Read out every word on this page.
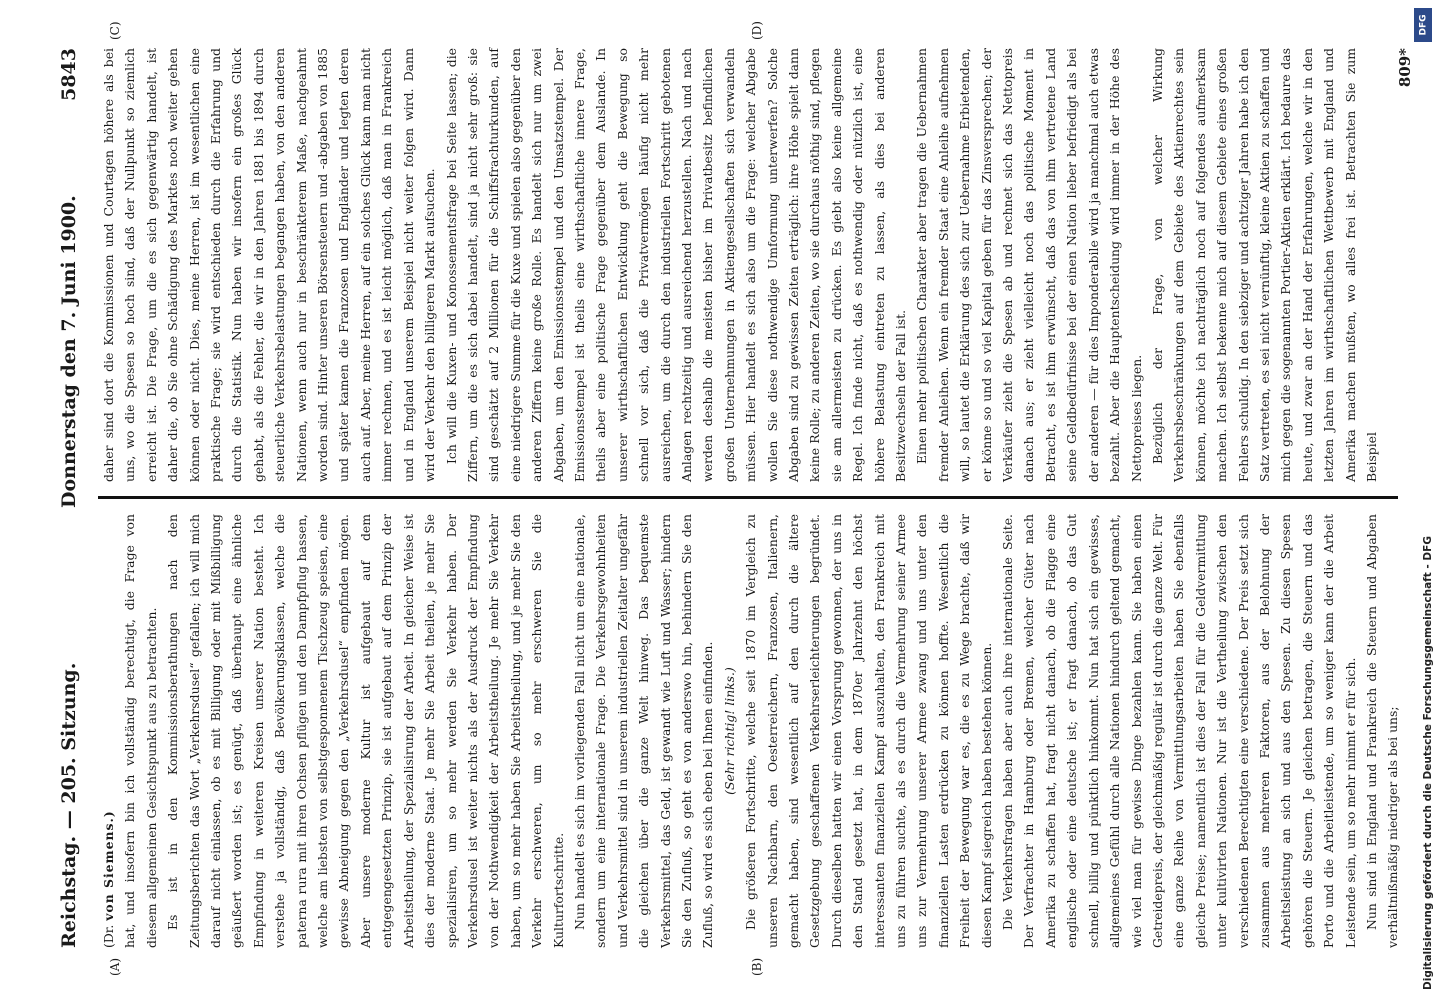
Reichstag. — 205. Sitzung.
Donnerstag den 7. Juni 1900.
5843
(A)	(B)
(C)	(D)

(Dr. von Siemens.) hat, und insofern bin ich vollständig berechtigt, die Frage von diesem allgemeinen Gesichtspunkt aus zu betrachten. Es ist in den Kommissionsberathungen nach den Zeitungsberichten das Wort „Verkehrsdusel“ gefallen; ich will mich darauf nicht einlassen, ob es mit Billigung oder mit Mißbilligung geäußert worden ist; es genügt, daß überhaupt eine ähnliche Empfindung in weiteren Kreisen unserer Nation besteht. Ich verstehe ja vollständig, daß Bevölkerungsklassen, welche die paterna rura mit ihren Ochsen pflügen und den Dampfpflug hassen, welche am liebsten von selbstgesponnenem Tischzeug speisen, eine gewisse Abneigung gegen den „Verkehrsdusel“ empfinden mögen. Aber unsere moderne Kultur ist aufgebaut auf dem entgegengesetzten Prinzip, sie ist aufgebaut auf dem Prinzip der Arbeitstheilung, der Spezialisirung der Arbeit. In gleicher Weise ist dies der moderne Staat. Je mehr Sie Arbeit theilen, je mehr Sie spezialisiren, um so mehr werden Sie Verkehr haben. Der Verkehrsdusel ist weiter nichts als der Ausdruck der Empfindung von der Nothwendigkeit der Arbeitstheilung. Je mehr Sie Verkehr haben, um so mehr haben Sie Arbeitstheilung, und je mehr Sie den Verkehr erschweren, um so mehr erschweren Sie die Kulturfortschritte. Nun handelt es sich im vorliegenden Fall nicht um eine nationale, sondern um eine internationale Frage. Die Verkehrsgewohnheiten und Verkehrsmittel sind in unserem industriellen Zeitalter ungefähr die gleichen über die ganze Welt hinweg. Das bequemste Verkehrsmittel, das Geld, ist gewandt wie Luft und Wasser; hindern Sie den Zufluß, so geht es von anderswo hin, behindern Sie den Zufluß, so wird es sich eben bei Ihnen einfinden. (Sehr richtig! links.) Die größeren Fortschritte, welche seit 1870 im Vergleich zu unseren Nachbarn, den Oesterreichern, Franzosen, Italienern, gemacht haben, sind wesentlich auf den durch die ältere Gesetzgebung geschaffenen Verkehrserleichterungen begründet. Durch dieselben hatten wir einen Vorsprung gewonnen, der uns in den Stand gesetzt hat, in dem 1870er Jahrzehnt den höchst interessanten finanziellen Kampf auszuhalten, den Frankreich mit uns zu führen suchte, als es durch die Vermehrung seiner Armee uns zur Vermehrung unserer Armee zwang und uns unter den finanziellen Lasten erdrücken zu können hoffte. Wesentlich die Freiheit der Bewegung war es, die es zu Wege brachte, daß wir diesen Kampf siegreich haben bestehen können. Die Verkehrsfragen haben aber auch ihre internationale Seite. Der Verfrachter in Hamburg oder Bremen, welcher Güter nach Amerika zu schaffen hat, fragt nicht danach, ob die Flagge eine englische oder eine deutsche ist; er fragt danach, ob das Gut schnell, billig und pünktlich hinkommt. Nun hat sich ein gewisses, allgemeines Gefühl durch alle Nationen hindurch geltend gemacht, wie viel man für gewisse Dinge bezahlen kann. Sie haben einen Getreidepreis, der gleichmäßig regulär ist durch die ganze Welt. Für eine ganze Reihe von Vermittlungsarbeiten haben Sie ebenfalls gleiche Preise; namentlich ist dies der Fall für die Geldvermittlung unter kultivirten Nationen. Nur ist die Vertheilung zwischen den verschiedenen Berechtigten eine verschiedene. Der Preis setzt sich zusammen aus mehreren Faktoren, aus der Belohnung der Arbeitsleistung an sich und aus den Spesen. Zu diesen Spesen gehören die Steuern. Je gleichen betragen, die Steuern und das Porto und die Arbeitleistende, um so weniger kann der die Arbeit Leistende sein, um so mehr nimmt er für sich. Nun sind in England und Frankreich die Steuern und Abgaben verhältnißmäßig niedriger als bei uns;

daher sind dort die Kommissionen und Courtagen höhere als bei uns, wo die Spesen so hoch sind, daß der Nullpunkt so ziemlich erreicht ist. Die Frage, um die es sich gegenwärtig handelt, ist daher die, ob Sie ohne Schädigung des Marktes noch weiter gehen können oder nicht. Dies, meine Herren, ist im wesentlichen eine praktische Frage; sie wird entschieden durch die Erfahrung und durch die Statistik. Nun haben wir insofern ein großes Glück gehabt, als die Fehler, die wir in den Jahren 1881 bis 1894 durch steuerliche Verkehrsbelastungen begangen haben, von den anderen Nationen, wenn auch nur in beschränkterem Maße, nachgeahmt worden sind. Hinter unseren Börsensteuern und -abgaben von 1885 und später kamen die Franzosen und Engländer und legten deren auch auf. Aber, meine Herren, auf ein solches Glück kann man nicht immer rechnen, und es ist leicht möglich, daß man in Frankreich und in England unserem Beispiel nicht weiter folgen wird. Dann wird der Verkehr den billigeren Markt aufsuchen. Ich will die Kuxen- und Konossementsfrage bei Seite lassen; die Ziffern, um die es sich dabei handelt, sind ja nicht sehr groß: sie sind geschätzt auf 2 Millionen für die Schiffsfrachturkunden, auf eine niedrigere Summe für die Kuxe und spielen also gegenüber den anderen Ziffern keine große Rolle. Es handelt sich nur um zwei Abgaben, um den Emissionsstempel und den Umsatzstempel. Der Emissionsstempel ist theils eine wirthschaftliche innere Frage, theils aber eine politische Frage gegenüber dem Auslande. In unserer wirthschaftlichen Entwicklung geht die Bewegung so schnell vor sich, daß die Privatvermögen häufig nicht mehr ausreichen, um die durch den industriellen Fortschritt gebotenen Anlagen rechtzeitig und ausreichend herzustellen. Nach und nach werden deshalb die meisten bisher im Privatbesitz befindlichen großen Unternehmungen in Aktiengesellschaften sich verwandeln müssen. Hier handelt es sich also um die Frage: welcher Abgabe wollen Sie diese nothwendige Umformung unterwerfen? Solche Abgaben sind zu gewissen Zeiten erträglich: ihre Höhe spielt dann keine Rolle; zu anderen Zeiten, wo sie durchaus nöthig sind, pflegen sie am allermeisten zu drücken. Es giebt also keine allgemeine Regel. Ich finde nicht, daß es nothwendig oder nützlich ist, eine höhere Belastung eintreten zu lassen, als dies bei anderen Besitzwechseln der Fall ist. Einen mehr politischen Charakter aber tragen die Uebernahmen fremder Anleihen. Wenn ein fremder Staat eine Anleihe aufnehmen will, so lautet die Erklärung des sich zur Uebernahme Erbietenden, er könne so und so viel Kapital geben für das Zinsversprechen; der Verkäufer zieht die Spesen ab und rechnet sich das Nettopreis danach aus; er zieht vielleicht noch das politische Moment in Betracht, es ist ihm erwünscht, daß das von ihm vertretene Land seine Geldbedürfnisse bei der einen Nation lieber befriedigt als bei der anderen — für dies Imponderabile wird ja manchmal auch etwas bezahlt. Aber die Hauptentscheidung wird immer in der Höhe des Nettopreises liegen. Bezüglich der Frage, von welcher Wirkung Verkehrsbeschränkungen auf dem Gebiete des Aktienrechtes sein können, möchte ich nachträglich noch auf folgendes aufmerksam machen. Ich selbst bekenne mich auf diesem Gebiete eines großen Fehlers schuldig. In den siebziger und achtziger Jahren habe ich den Satz vertreten, es sei nicht vernünftig, kleine Aktien zu schaffen und mich gegen die sogenannten Portier-Aktien erklärt. Ich bedaure das heute, und zwar an der Hand der Erfahrungen, welche wir in den letzten Jahren im wirthschaftlichen Wettbewerb mit England und Amerika machen mußten, wo alles frei ist. Betrachten Sie zum Beispiel

809*
DFG
Digitalisierung gefördert durch die Deutsche Forschungsgemeinschaft - DFG
